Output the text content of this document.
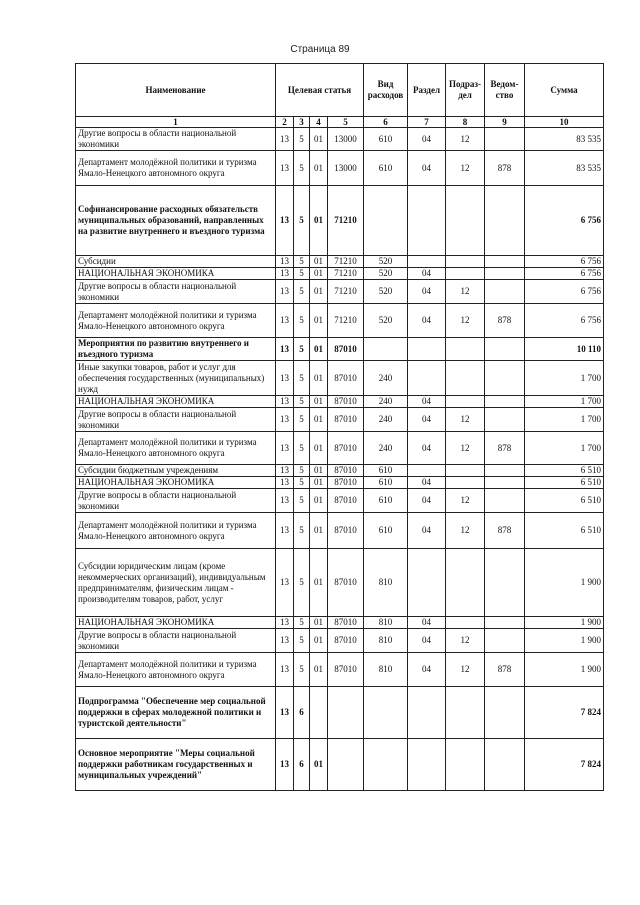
Страница 89
Наименование	Целевая статья				Вид расходов	Раздел	Подраз-дел	Ведом-ство	Сумма
1	2	3	4	5	6	7	8	9	10
Другие вопросы в области национальной экономики	13	5	01	13000	610	04	12		83 535
Департамент молодёжной политики и туризма Ямало-Ненецкого автономного округа	13	5	01	13000	610	04	12	878	83 535
Софинансирование расходных обязательств муниципальных образований, направленных на развитие внутреннего и въездного туризма	13	5	01	71210					6 756
Субсидии	13	5	01	71210	520				6 756
НАЦИОНАЛЬНАЯ ЭКОНОМИКА	13	5	01	71210	520	04			6 756
Другие вопросы в области национальной экономики	13	5	01	71210	520	04	12		6 756
Департамент молодёжной политики и туризма Ямало-Ненецкого автономного округа	13	5	01	71210	520	04	12	878	6 756
Мероприятия по развитию внутреннего и въездного туризма	13	5	01	87010					10 110
Иные закупки товаров, работ и услуг для обеспечения государственных (муниципальных) нужд	13	5	01	87010	240				1 700
НАЦИОНАЛЬНАЯ ЭКОНОМИКА	13	5	01	87010	240	04			1 700
Другие вопросы в области национальной экономики	13	5	01	87010	240	04	12		1 700
Департамент молодёжной политики и туризма Ямало-Ненецкого автономного округа	13	5	01	87010	240	04	12	878	1 700
Субсидии бюджетным учреждениям	13	5	01	87010	610				6 510
НАЦИОНАЛЬНАЯ ЭКОНОМИКА	13	5	01	87010	610	04			6 510
Другие вопросы в области национальной экономики	13	5	01	87010	610	04	12		6 510
Департамент молодёжной политики и туризма Ямало-Ненецкого автономного округа	13	5	01	87010	610	04	12	878	6 510
Субсидии юридическим лицам (кроме некоммерческих организаций), индивидуальным предпринимателям, физическим лицам - производителям товаров, работ, услуг	13	5	01	87010	810				1 900
НАЦИОНАЛЬНАЯ ЭКОНОМИКА	13	5	01	87010	810	04			1 900
Другие вопросы в области национальной экономики	13	5	01	87010	810	04	12		1 900
Департамент молодёжной политики и туризма Ямало-Ненецкого автономного округа	13	5	01	87010	810	04	12	878	1 900
Подпрограмма "Обеспечение мер социальной поддержки в сферах молодежной политики и туристской деятельности"	13	6							7 824
Основное мероприятие "Меры социальной поддержки работникам государственных и муниципальных учреждений"	13	6	01						7 824
